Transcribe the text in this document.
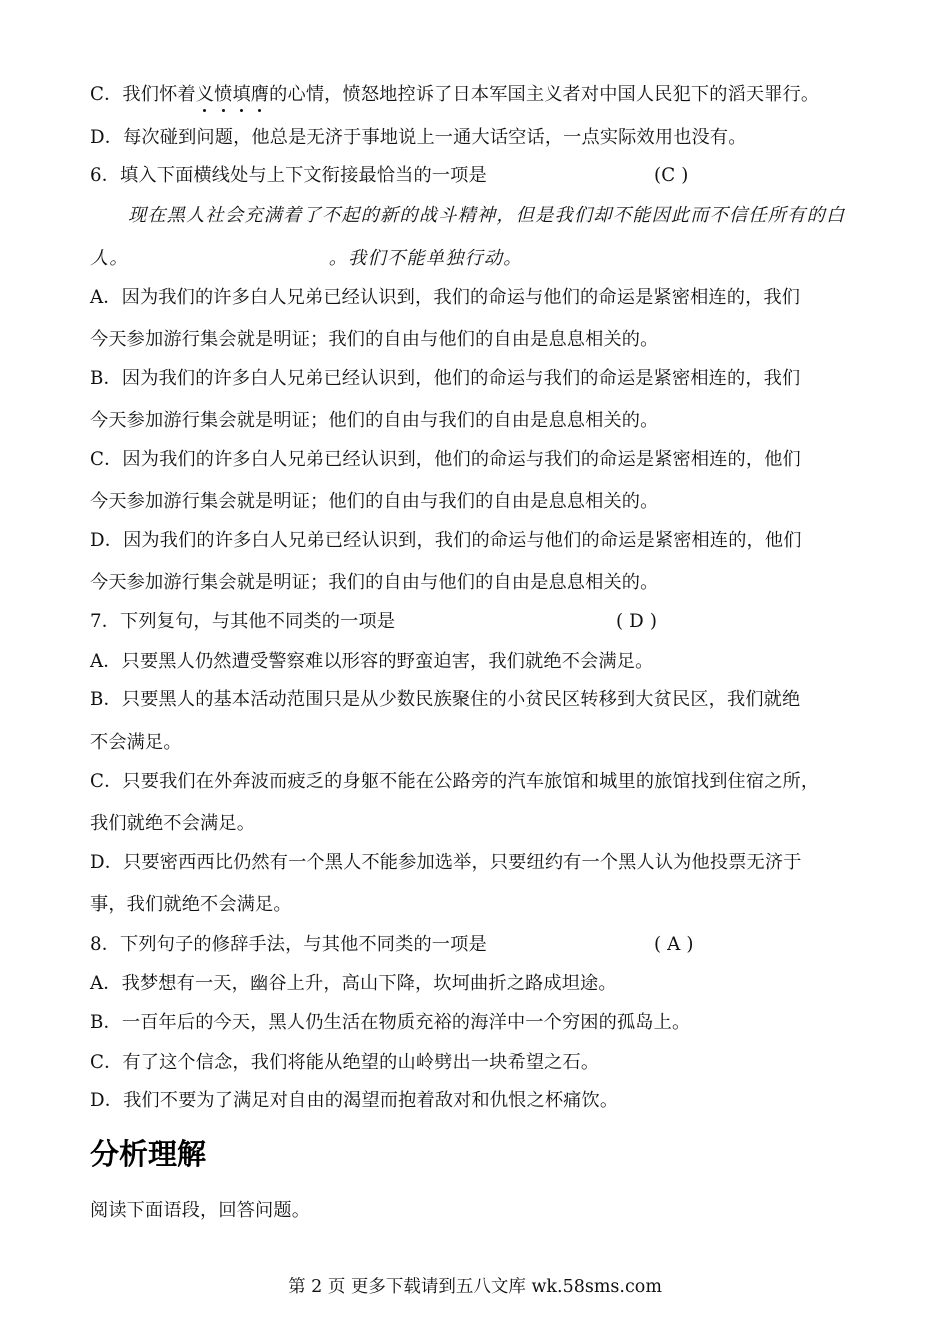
C．我们怀着义愤填膺的心情，愤怒地控诉了日本军国主义者对中国人民犯下的滔天罪行。
D．每次碰到问题，他总是无济于事地说上一通大话空话，一点实际效用也没有。
6．填入下面横线处与上下文衔接最恰当的一项是	(C )
现在黑人社会充满着了不起的新的战斗精神，但是我们却不能因此而不信任所有的白
人。	。我们不能单独行动。
A．因为我们的许多白人兄弟已经认识到，我们的命运与他们的命运是紧密相连的，我们
今天参加游行集会就是明证；我们的自由与他们的自由是息息相关的。
B．因为我们的许多白人兄弟已经认识到，他们的命运与我们的命运是紧密相连的，我们
今天参加游行集会就是明证；他们的自由与我们的自由是息息相关的。
C．因为我们的许多白人兄弟已经认识到，他们的命运与我们的命运是紧密相连的，他们
今天参加游行集会就是明证；他们的自由与我们的自由是息息相关的。
D．因为我们的许多白人兄弟已经认识到，我们的命运与他们的命运是紧密相连的，他们
今天参加游行集会就是明证；我们的自由与他们的自由是息息相关的。
7．下列复句，与其他不同类的一项是	( D )
A．只要黑人仍然遭受警察难以形容的野蛮迫害，我们就绝不会满足。
B．只要黑人的基本活动范围只是从少数民族聚住的小贫民区转移到大贫民区，我们就绝
不会满足。
C．只要我们在外奔波而疲乏的身躯不能在公路旁的汽车旅馆和城里的旅馆找到住宿之所，
我们就绝不会满足。
D．只要密西西比仍然有一个黑人不能参加选举，只要纽约有一个黑人认为他投票无济于
事，我们就绝不会满足。
8．下列句子的修辞手法，与其他不同类的一项是	( A )
A．我梦想有一天，幽谷上升，高山下降，坎坷曲折之路成坦途。
B．一百年后的今天，黑人仍生活在物质充裕的海洋中一个穷困的孤岛上。
C．有了这个信念，我们将能从绝望的山岭劈出一块希望之石。
D．我们不要为了满足对自由的渴望而抱着敌对和仇恨之杯痛饮。
分析理解
阅读下面语段，回答问题。
第 2 页 更多下载请到五八文库 wk.58sms.com
